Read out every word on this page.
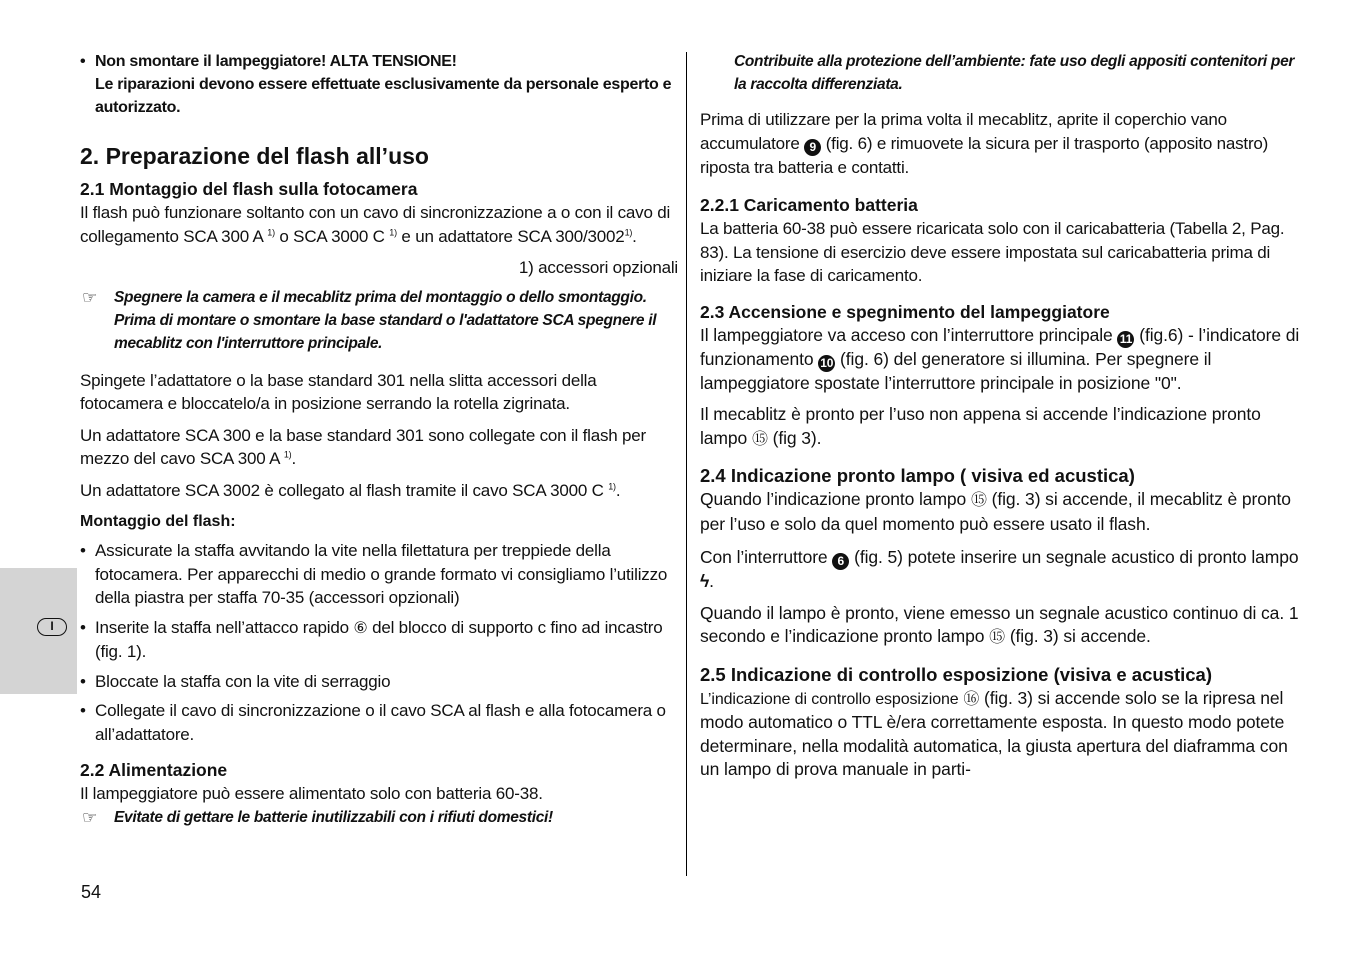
I

• Non smontare il lampeggiatore! ALTA TENSIONE!

Le riparazioni devono essere effettuate esclusivamente da personale esperto e autorizzato.

2. Preparazione del flash all’uso

2.1 Montaggio del flash sulla fotocamera

Il flash può funzionare soltanto con un cavo di sincronizzazione a o con il cavo di collegamento SCA 300 A $^{1)}$ o SCA 3000 C $^{1)}$ e un adattatore SCA 300/3002$^{1)}$.

1) accessori opzionali

☞ Spegnere la camera e il mecablitz prima del montaggio o dello smontaggio. Prima di montare o smontare la base standard o l'adattatore SCA spegnere il mecablitz con l'interruttore principale.

Spingete l’adattatore o la base standard 301 nella slitta accessori della fotocamera e bloccatelo/a in posizione serrando la rotella zigrinata.

Un adattatore SCA 300 e la base standard 301 sono collegate con il flash per mezzo del cavo SCA 300 A $^{1)}$.

Un adattatore SCA 3002 è collegato al flash tramite il cavo SCA 3000 C $^{1)}$.

Montaggio del flash:

• Assicurate la staffa avvitando la vite nella filettatura per treppiede della fotocamera. Per apparecchi di medio o grande formato vi consigliamo l’utilizzo della piastra per staffa 70-35 (accessori opzionali)

• Inserite la staffa nell’attacco rapido ⑥ del blocco di supporto c fino ad incastro (fig. 1).

• Bloccate la staffa con la vite di serraggio

• Collegate il cavo di sincronizzazione o il cavo SCA al flash e alla fotocamera o all’adattatore.

2.2 Alimentazione

Il lampeggiatore può essere alimentato solo con batteria 60-38.

☞ Evitate di gettare le batterie inutilizzabili con i rifiuti domestici!

Contribuite alla protezione dell’ambiente: fate uso degli appositi contenitori per la raccolta differenziata.

Prima di utilizzare per la prima volta il mecablitz, aprite il coperchio vano accumulatore 9 (fig. 6) e rimuovete la sicura per il trasporto (apposito nastro) riposta tra batteria e contatti.

2.2.1 Caricamento batteria

La batteria 60-38 può essere ricaricata solo con il caricabatteria (Tabella 2, Pag. 83). La tensione di esercizio deve essere impostata sul caricabatteria prima di iniziare la fase di caricamento.

2.3 Accensione e spegnimento del lampeggiatore

Il lampeggiatore va acceso con l’interruttore principale 11 (fig.6) - l’indicatore di funzionamento 10 (fig. 6) del generatore si illumina. Per spegnere il lampeggiatore spostate l’interruttore principale in posizione "0".

Il mecablitz è pronto per l’uso non appena si accende l’indicazione pronto lampo ⑮ (fig 3).

2.4 Indicazione pronto lampo ( visiva ed acustica)

Quando l’indicazione pronto lampo ⑮ (fig. 3) si accende, il mecablitz è pronto per l’uso e solo da quel momento può essere usato il flash.

Con l’interruttore 6 (fig. 5) potete inserire un segnale acustico di pronto lampo ϟ.

Quando il lampo è pronto, viene emesso un segnale acustico continuo di ca. 1 secondo e l’indicazione pronto lampo ⑮ (fig. 3) si accende.

2.5 Indicazione di controllo esposizione (visiva e acustica)

L’indicazione di controllo esposizione ⑯ (fig. 3) si accende solo se la ripresa nel modo automatico o TTL è/era correttamente esposta. In questo modo potete determinare, nella modalità automatica, la giusta apertura del diaframma con un lampo di prova manuale in parti-

54
